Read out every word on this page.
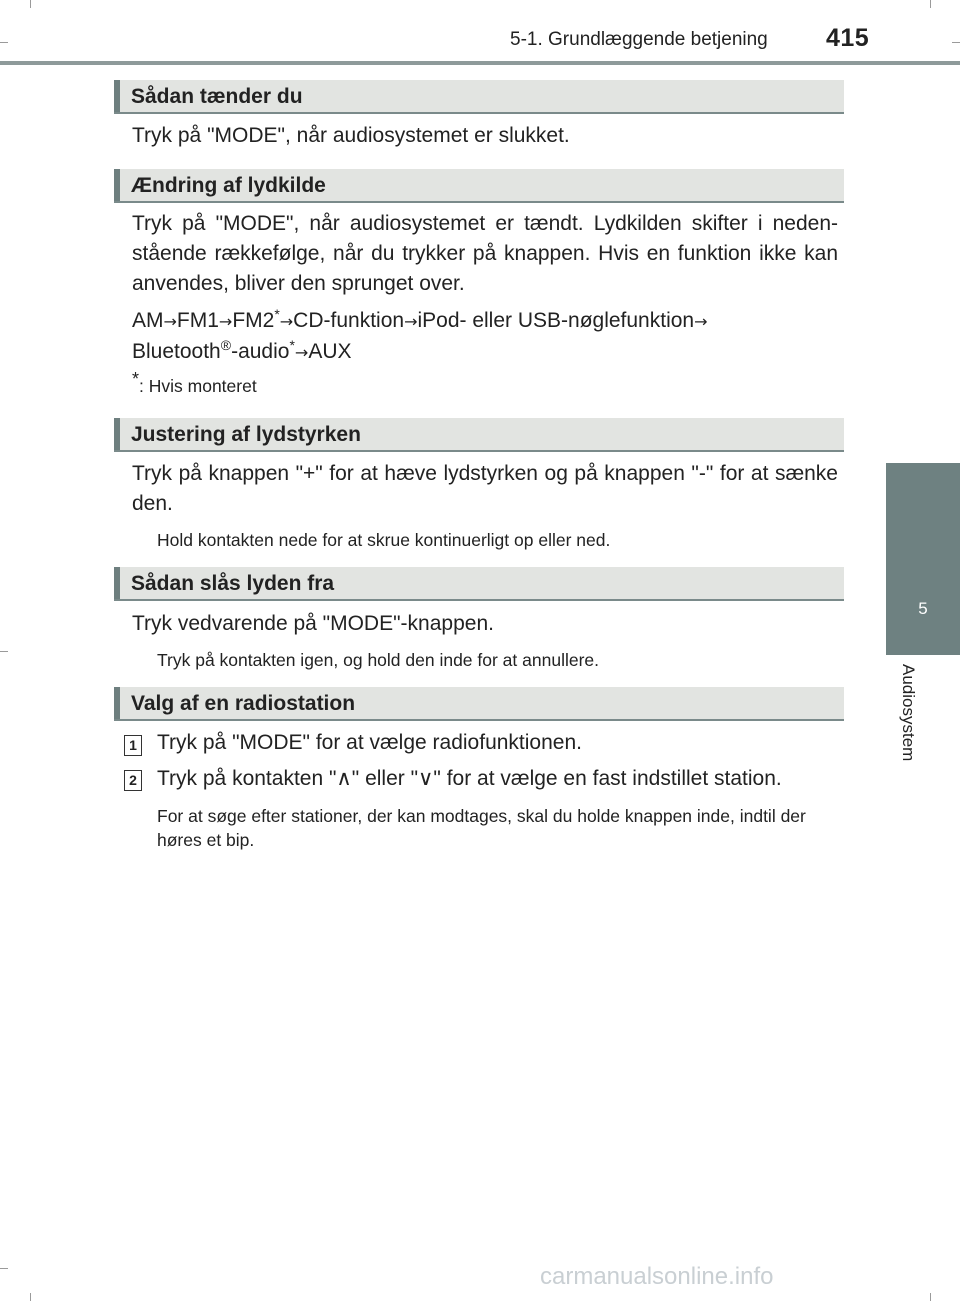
5-1. Grundlæggende betjening 415
5
Audiosystem
Sådan tænder du
Tryk på "MODE", når audiosystemet er slukket.
Ændring af lydkilde
Tryk på "MODE", når audiosystemet er tændt. Lydkilden skifter i neden-stående rækkefølge, når du trykker på knappen. Hvis en funktion ikke kan anvendes, bliver den sprunget over.
AM→FM1→FM2*→CD-funktion→iPod- eller USB-nøglefunktion→
Bluetooth®-audio*→AUX
*: Hvis monteret
Justering af lydstyrken
Tryk på knappen "+" for at hæve lydstyrken og på knappen "-" for at sænke den.
Hold kontakten nede for at skrue kontinuerligt op eller ned.
Sådan slås lyden fra
Tryk vedvarende på "MODE"-knappen.
Tryk på kontakten igen, og hold den inde for at annullere.
Valg af en radiostation
1 Tryk på "MODE" for at vælge radiofunktionen.
2 Tryk på kontakten "∧" eller "∨" for at vælge en fast indstillet station.
For at søge efter stationer, der kan modtages, skal du holde knappen inde, indtil der høres et bip.
carmanualsonline.info
